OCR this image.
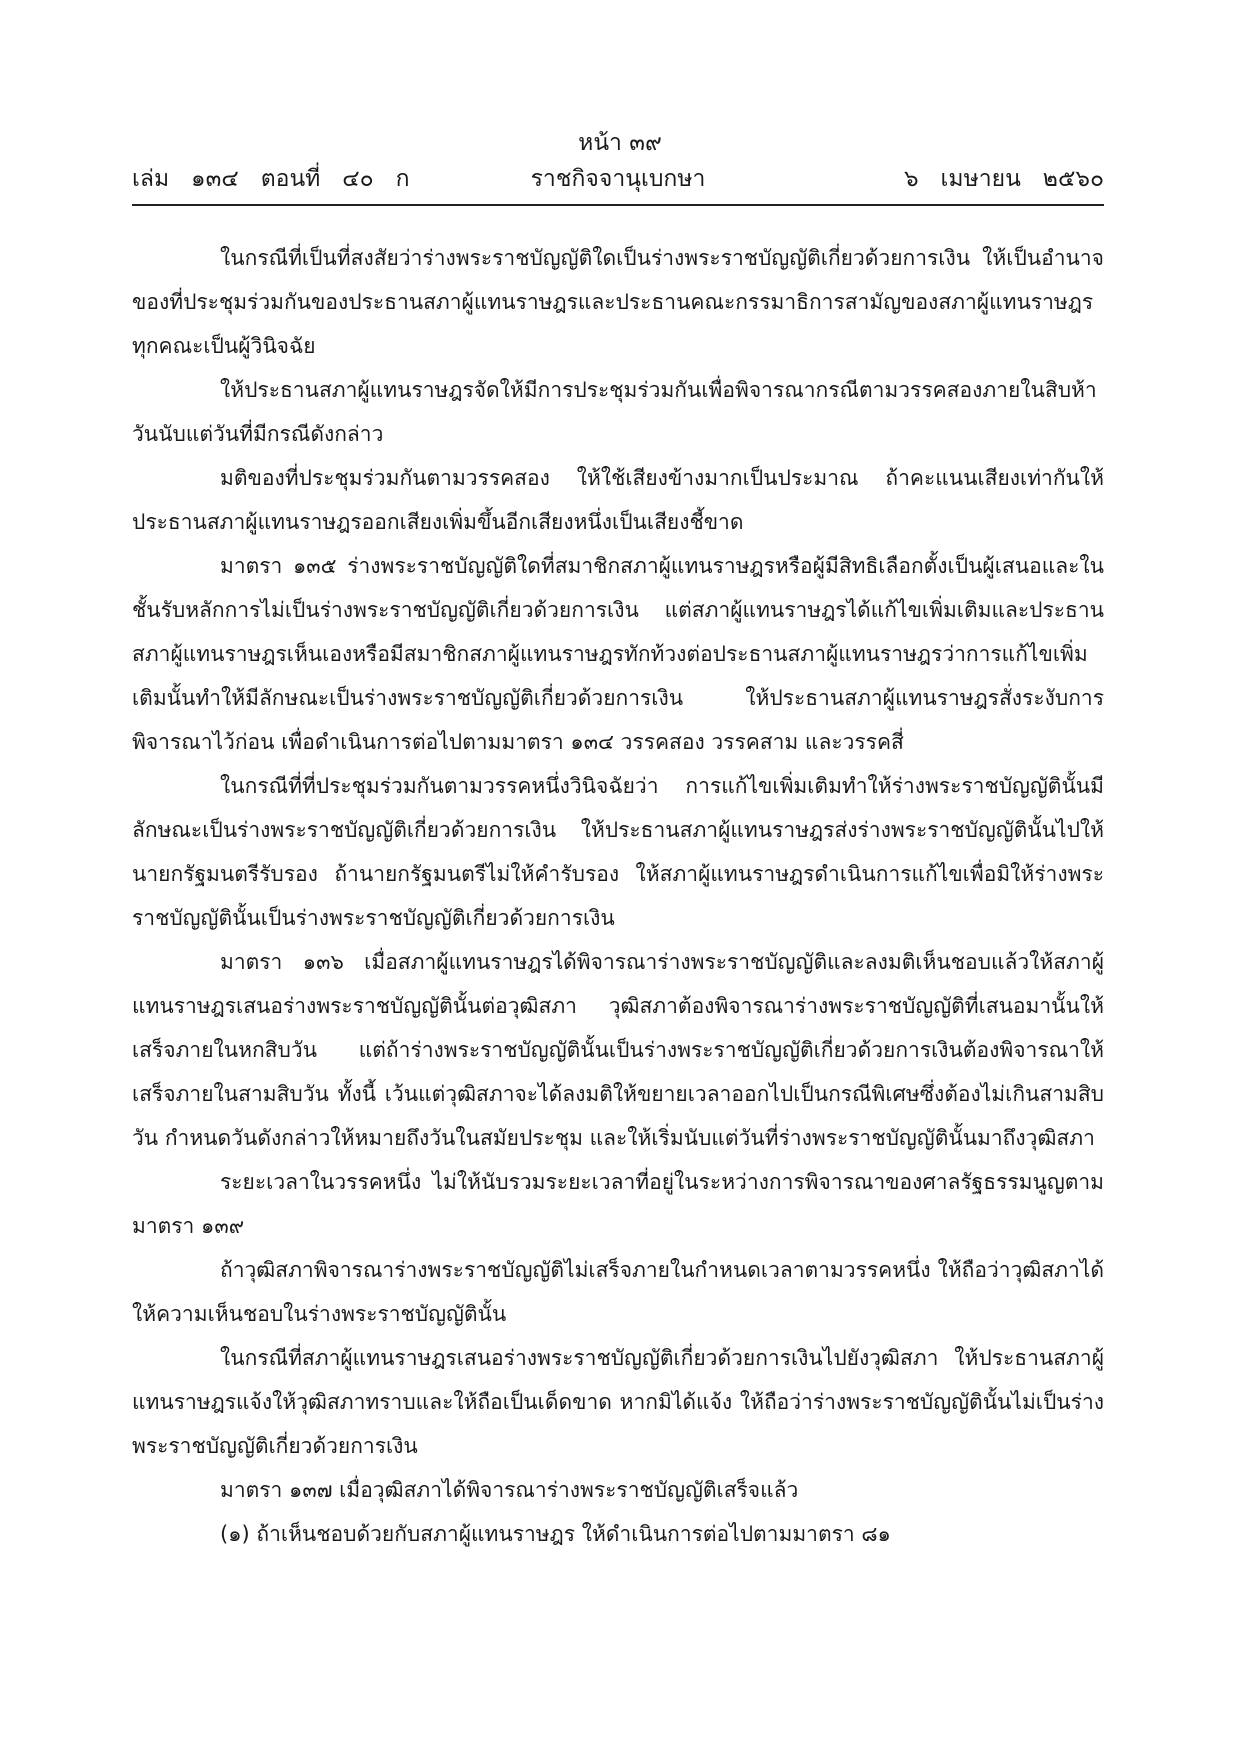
หน้า ๓๙
ราชกิจจานุเบกษา
เล่ม   ๑๓๔   ตอนที่   ๔๐   ก	๖   เมษายน   ๒๕๖๐

ในกรณีที่เป็นที่สงสัยว่าร่างพระราชบัญญัติใดเป็นร่างพระราชบัญญัติเกี่ยวด้วยการเงิน ให้เป็นอำนาจของที่ประชุมร่วมกันของประธานสภาผู้แทนราษฎรและประธานคณะกรรมาธิการสามัญของสภาผู้แทนราษฎรทุกคณะเป็นผู้วินิจฉัย

ให้ประธานสภาผู้แทนราษฎรจัดให้มีการประชุมร่วมกันเพื่อพิจารณากรณีตามวรรคสองภายในสิบห้าวันนับแต่วันที่มีกรณีดังกล่าว

มติของที่ประชุมร่วมกันตามวรรคสอง ให้ใช้เสียงข้างมากเป็นประมาณ ถ้าคะแนนเสียงเท่ากันให้ประธานสภาผู้แทนราษฎรออกเสียงเพิ่มขึ้นอีกเสียงหนึ่งเป็นเสียงชี้ขาด

มาตรา ๑๓๕ ร่างพระราชบัญญัติใดที่สมาชิกสภาผู้แทนราษฎรหรือผู้มีสิทธิเลือกตั้งเป็นผู้เสนอและในชั้นรับหลักการไม่เป็นร่างพระราชบัญญัติเกี่ยวด้วยการเงิน แต่สภาผู้แทนราษฎรได้แก้ไขเพิ่มเติมและประธานสภาผู้แทนราษฎรเห็นเองหรือมีสมาชิกสภาผู้แทนราษฎรทักท้วงต่อประธานสภาผู้แทนราษฎรว่าการแก้ไขเพิ่มเติมนั้นทำให้มีลักษณะเป็นร่างพระราชบัญญัติเกี่ยวด้วยการเงิน ให้ประธานสภาผู้แทนราษฎรสั่งระงับการพิจารณาไว้ก่อน เพื่อดำเนินการต่อไปตามมาตรา ๑๓๔ วรรคสอง วรรคสาม และวรรคสี่

ในกรณีที่ที่ประชุมร่วมกันตามวรรคหนึ่งวินิจฉัยว่า การแก้ไขเพิ่มเติมทำให้ร่างพระราชบัญญัตินั้นมีลักษณะเป็นร่างพระราชบัญญัติเกี่ยวด้วยการเงิน ให้ประธานสภาผู้แทนราษฎรส่งร่างพระราชบัญญัตินั้นไปให้นายกรัฐมนตรีรับรอง ถ้านายกรัฐมนตรีไม่ให้คำรับรอง ให้สภาผู้แทนราษฎรดำเนินการแก้ไขเพื่อมิให้ร่างพระราชบัญญัตินั้นเป็นร่างพระราชบัญญัติเกี่ยวด้วยการเงิน

มาตรา ๑๓๖ เมื่อสภาผู้แทนราษฎรได้พิจารณาร่างพระราชบัญญัติและลงมติเห็นชอบแล้วให้สภาผู้แทนราษฎรเสนอร่างพระราชบัญญัตินั้นต่อวุฒิสภา วุฒิสภาต้องพิจารณาร่างพระราชบัญญัติที่เสนอมานั้นให้เสร็จภายในหกสิบวัน แต่ถ้าร่างพระราชบัญญัตินั้นเป็นร่างพระราชบัญญัติเกี่ยวด้วยการเงินต้องพิจารณาให้เสร็จภายในสามสิบวัน ทั้งนี้ เว้นแต่วุฒิสภาจะได้ลงมติให้ขยายเวลาออกไปเป็นกรณีพิเศษซึ่งต้องไม่เกินสามสิบวัน กำหนดวันดังกล่าวให้หมายถึงวันในสมัยประชุม และให้เริ่มนับแต่วันที่ร่างพระราชบัญญัตินั้นมาถึงวุฒิสภา

ระยะเวลาในวรรคหนึ่ง ไม่ให้นับรวมระยะเวลาที่อยู่ในระหว่างการพิจารณาของศาลรัฐธรรมนูญตามมาตรา ๑๓๙

ถ้าวุฒิสภาพิจารณาร่างพระราชบัญญัติไม่เสร็จภายในกำหนดเวลาตามวรรคหนึ่ง ให้ถือว่าวุฒิสภาได้ให้ความเห็นชอบในร่างพระราชบัญญัตินั้น

ในกรณีที่สภาผู้แทนราษฎรเสนอร่างพระราชบัญญัติเกี่ยวด้วยการเงินไปยังวุฒิสภา ให้ประธานสภาผู้แทนราษฎรแจ้งให้วุฒิสภาทราบและให้ถือเป็นเด็ดขาด หากมิได้แจ้ง ให้ถือว่าร่างพระราชบัญญัตินั้นไม่เป็นร่างพระราชบัญญัติเกี่ยวด้วยการเงิน

มาตรา ๑๓๗ เมื่อวุฒิสภาได้พิจารณาร่างพระราชบัญญัติเสร็จแล้ว

(๑) ถ้าเห็นชอบด้วยกับสภาผู้แทนราษฎร ให้ดำเนินการต่อไปตามมาตรา ๘๑
